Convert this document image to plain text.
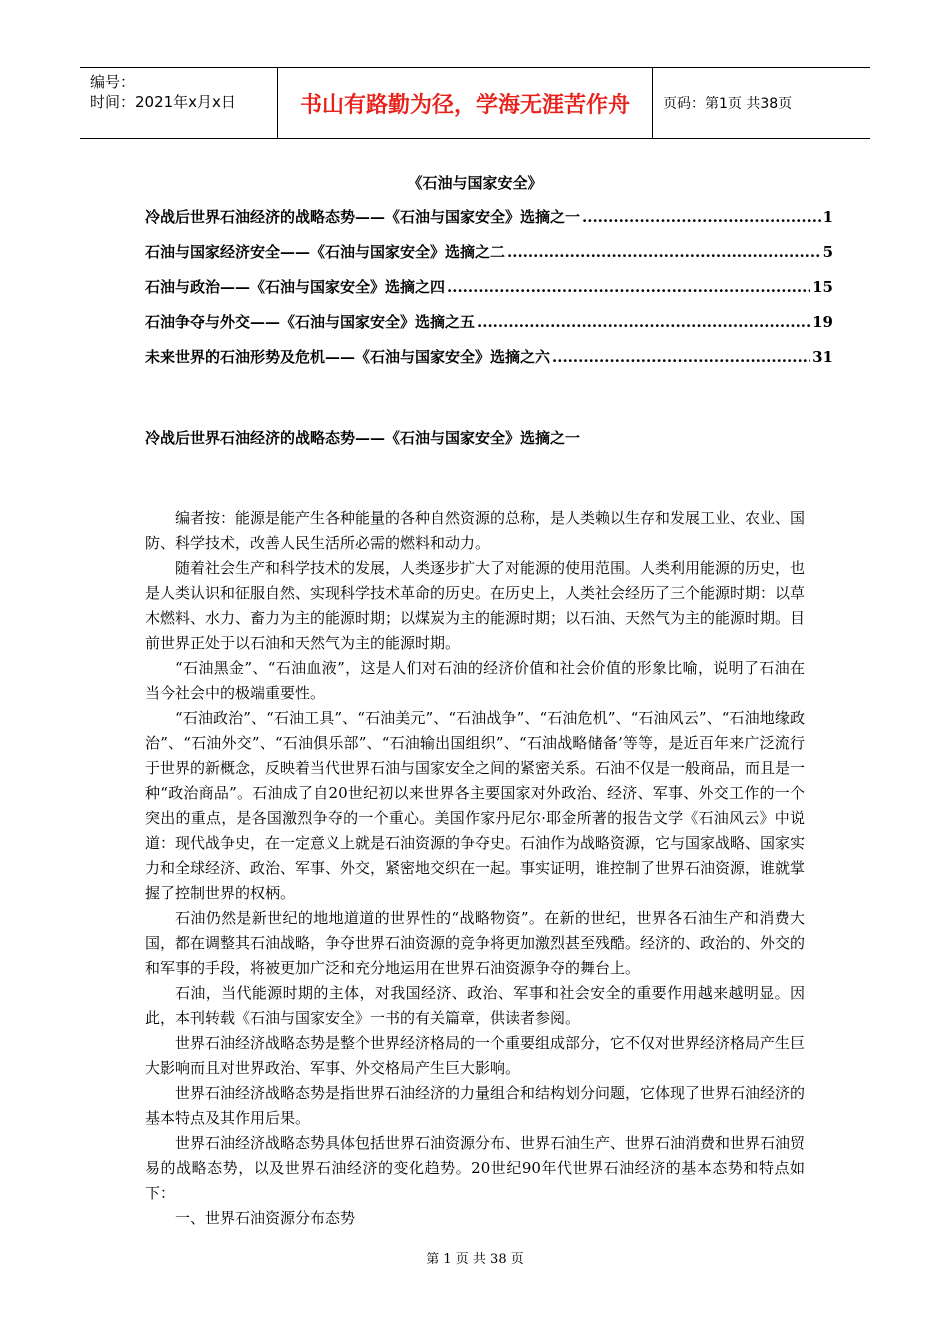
编号：
时间：2021年x月x日	书山有路勤为径，学海无涯苦作舟	页码：第1页 共38页
《石油与国家安全》
冷战后世界石油经济的战略态势——《石油与国家安全》选摘之一 .....	1
石油与国家经济安全——《石油与国家安全》选摘之二 .....	5
石油与政治——《石油与国家安全》选摘之四 .....	15
石油争夺与外交——《石油与国家安全》选摘之五 .....	19
未来世界的石油形势及危机——《石油与国家安全》选摘之六 .....	31
冷战后世界石油经济的战略态势——《石油与国家安全》选摘之一

编者按：能源是能产生各种能量的各种自然资源的总称，是人类赖以生存和发展工业、农业、国防、科学技术，改善人民生活所必需的燃料和动力。

随着社会生产和科学技术的发展，人类逐步扩大了对能源的使用范围。人类利用能源的历史，也是人类认识和征服自然、实现科学技术革命的历史。在历史上，人类社会经历了三个能源时期：以草木燃料、水力、畜力为主的能源时期；以煤炭为主的能源时期；以石油、天然气为主的能源时期。目前世界正处于以石油和天然气为主的能源时期。

“石油黑金”、“石油血液”，这是人们对石油的经济价值和社会价值的形象比喻，说明了石油在当今社会中的极端重要性。

“石油政治”、“石油工具”、“石油美元”、“石油战争”、“石油危机”、“石油风云”、“石油地缘政治”、“石油外交”、“石油俱乐部”、“石油输出国组织”、“石油战略储备’等等，是近百年来广泛流行于世界的新概念，反映着当代世界石油与国家安全之间的紧密关系。石油不仅是一般商品，而且是一种“政治商品”。石油成了自20世纪初以来世界各主要国家对外政治、经济、军事、外交工作的一个突出的重点，是各国激烈争夺的一个重心。美国作家丹尼尔·耶金所著的报告文学《石油风云》中说道：现代战争史，在一定意义上就是石油资源的争夺史。石油作为战略资源，它与国家战略、国家实力和全球经济、政治、军事、外交，紧密地交织在一起。事实证明，谁控制了世界石油资源，谁就掌握了控制世界的权柄。

石油仍然是新世纪的地地道道的世界性的“战略物资”。在新的世纪，世界各石油生产和消费大国，都在调整其石油战略，争夺世界石油资源的竞争将更加激烈甚至残酷。经济的、政治的、外交的和军事的手段，将被更加广泛和充分地运用在世界石油资源争夺的舞台上。

石油，当代能源时期的主体，对我国经济、政治、军事和社会安全的重要作用越来越明显。因此，本刊转载《石油与国家安全》一书的有关篇章，供读者参阅。

世界石油经济战略态势是整个世界经济格局的一个重要组成部分，它不仅对世界经济格局产生巨大影响而且对世界政治、军事、外交格局产生巨大影响。

世界石油经济战略态势是指世界石油经济的力量组合和结构划分问题，它体现了世界石油经济的基本特点及其作用后果。

世界石油经济战略态势具体包括世界石油资源分布、世界石油生产、世界石油消费和世界石油贸易的战略态势，以及世界石油经济的变化趋势。20世纪90年代世界石油经济的基本态势和特点如下：

一、世界石油资源分布态势

第 1 页 共 38 页
